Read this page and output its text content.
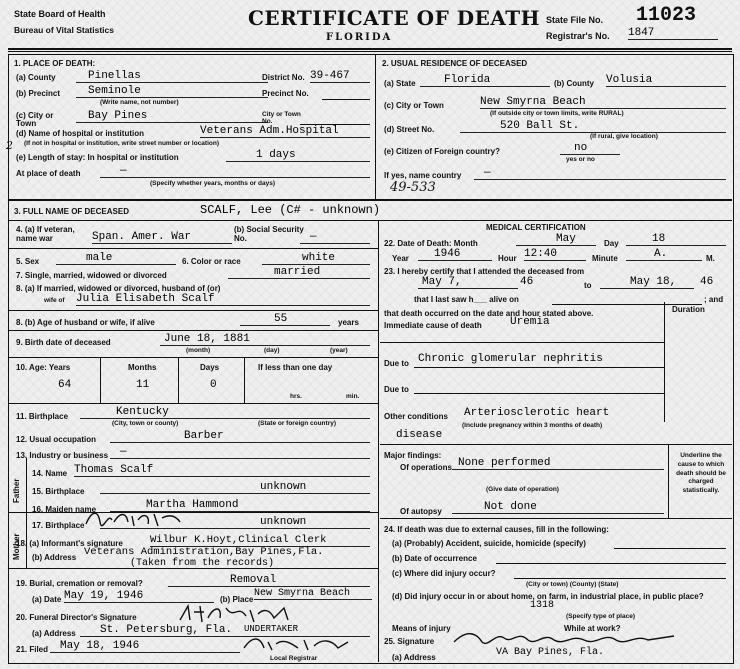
State Board of Health
Bureau of Vital Statistics	CERTIFICATE OF DEATH
FLORIDA
State File No. 11023
Registrar's No. 1847
1. PLACE OF DEATH:
(a) County	Pinellas	District No. 39-467
(b) Precinct	Seminole
(Write name, not number)
Precinct No.
(c) City or Town
Bay Pines	City or Town No.
(d) Name of hospital or institution	Veterans Adm.Hospital
(If not in hospital or institution, write street number or location)
2
(e) Length of stay: In hospital or institution	1 days
At place of death	—
(Specify whether years, months or days)
2. USUAL RESIDENCE OF DECEASED
(a) State	Florida	(b) County Volusia
(c) City or Town	New Smyrna Beach
(If outside city or town limits, write RURAL)
(d) Street No.	520 Ball St.
(If rural, give location)
(e) Citizen of Foreign country?	no
yes or no
If yes, name country	—
49-533
3. FULL NAME OF DECEASED	SCALF, Lee (C# - unknown)
4. (a) If veteran, name war	Span. Amer. War
(b) Social Security No.	—
5. Sex	male	6. Color or race	white
7. Single, married, widowed or divorced	married
8. (a) If married, widowed or divorced, husband of (or)
wife of Julia Elisabeth Scalf
8. (b) Age of husband or wife, if alive	55	years
9. Birth date of deceased	June 18, 1881
(month)	(day)	(year)
10. Age: Years
64
Months
11
Days
0
If less than one day
hrs.	min.
11. Birthplace	Kentucky
(City, town or county)	(State or foreign country)
12. Usual occupation	Barber
13. Industry or business	—
Father
Mother
14. Name Thomas Scalf
15. Birthplace	unknown
16. Maiden name	Martha Hammond
17. Birthplace	unknown
18. (a) Informant's signature	Wilbur K.Hoyt,Clinical Clerk
(b) Address Veterans Administration,Bay Pines,Fla.
(Taken from the records)
19. Burial, cremation or removal?	Removal
(a) Date May 19, 1946	(b) Place
New Smyrna Beach
20. Funeral Director's Signature
(a) Address	St. Petersburg, Fla.	UNDERTAKER
21. Filed	May 18, 1946
Local Registrar
MEDICAL CERTIFICATION
22. Date of Death: Month	May	Day	18
Year	1946	Hour 12:40	Minute	A.	M.
23. I hereby certify that I attended the deceased from
May 7,	46	to	May 18,	46
that I last saw h___ alive on	; and
that death occurred on the date and hour stated above.	Duration
Immediate cause of death	Uremia
Due to Chronic glomerular nephritis
Due to
Other conditions Arteriosclerotic heart
(Include pregnancy within 3 months of death)
disease
Major findings:
Of operations None performed
(Give date of operation)
Of autopsy	Not done
Underline the cause to which death should be charged statistically.
24. If death was due to external causes, fill in the following:
(a) (Probably) Accident, suicide, homicide (specify)
(b) Date of occurrence
(c) Where did injury occur?
(City or town) (County) (State)
(d) Did injury occur in or about home, on farm, in industrial place, in public place?
(Specify type of place)
1318
While at work?
Means of injury
25. Signature
(a) Address	VA Bay Pines, Fla.
